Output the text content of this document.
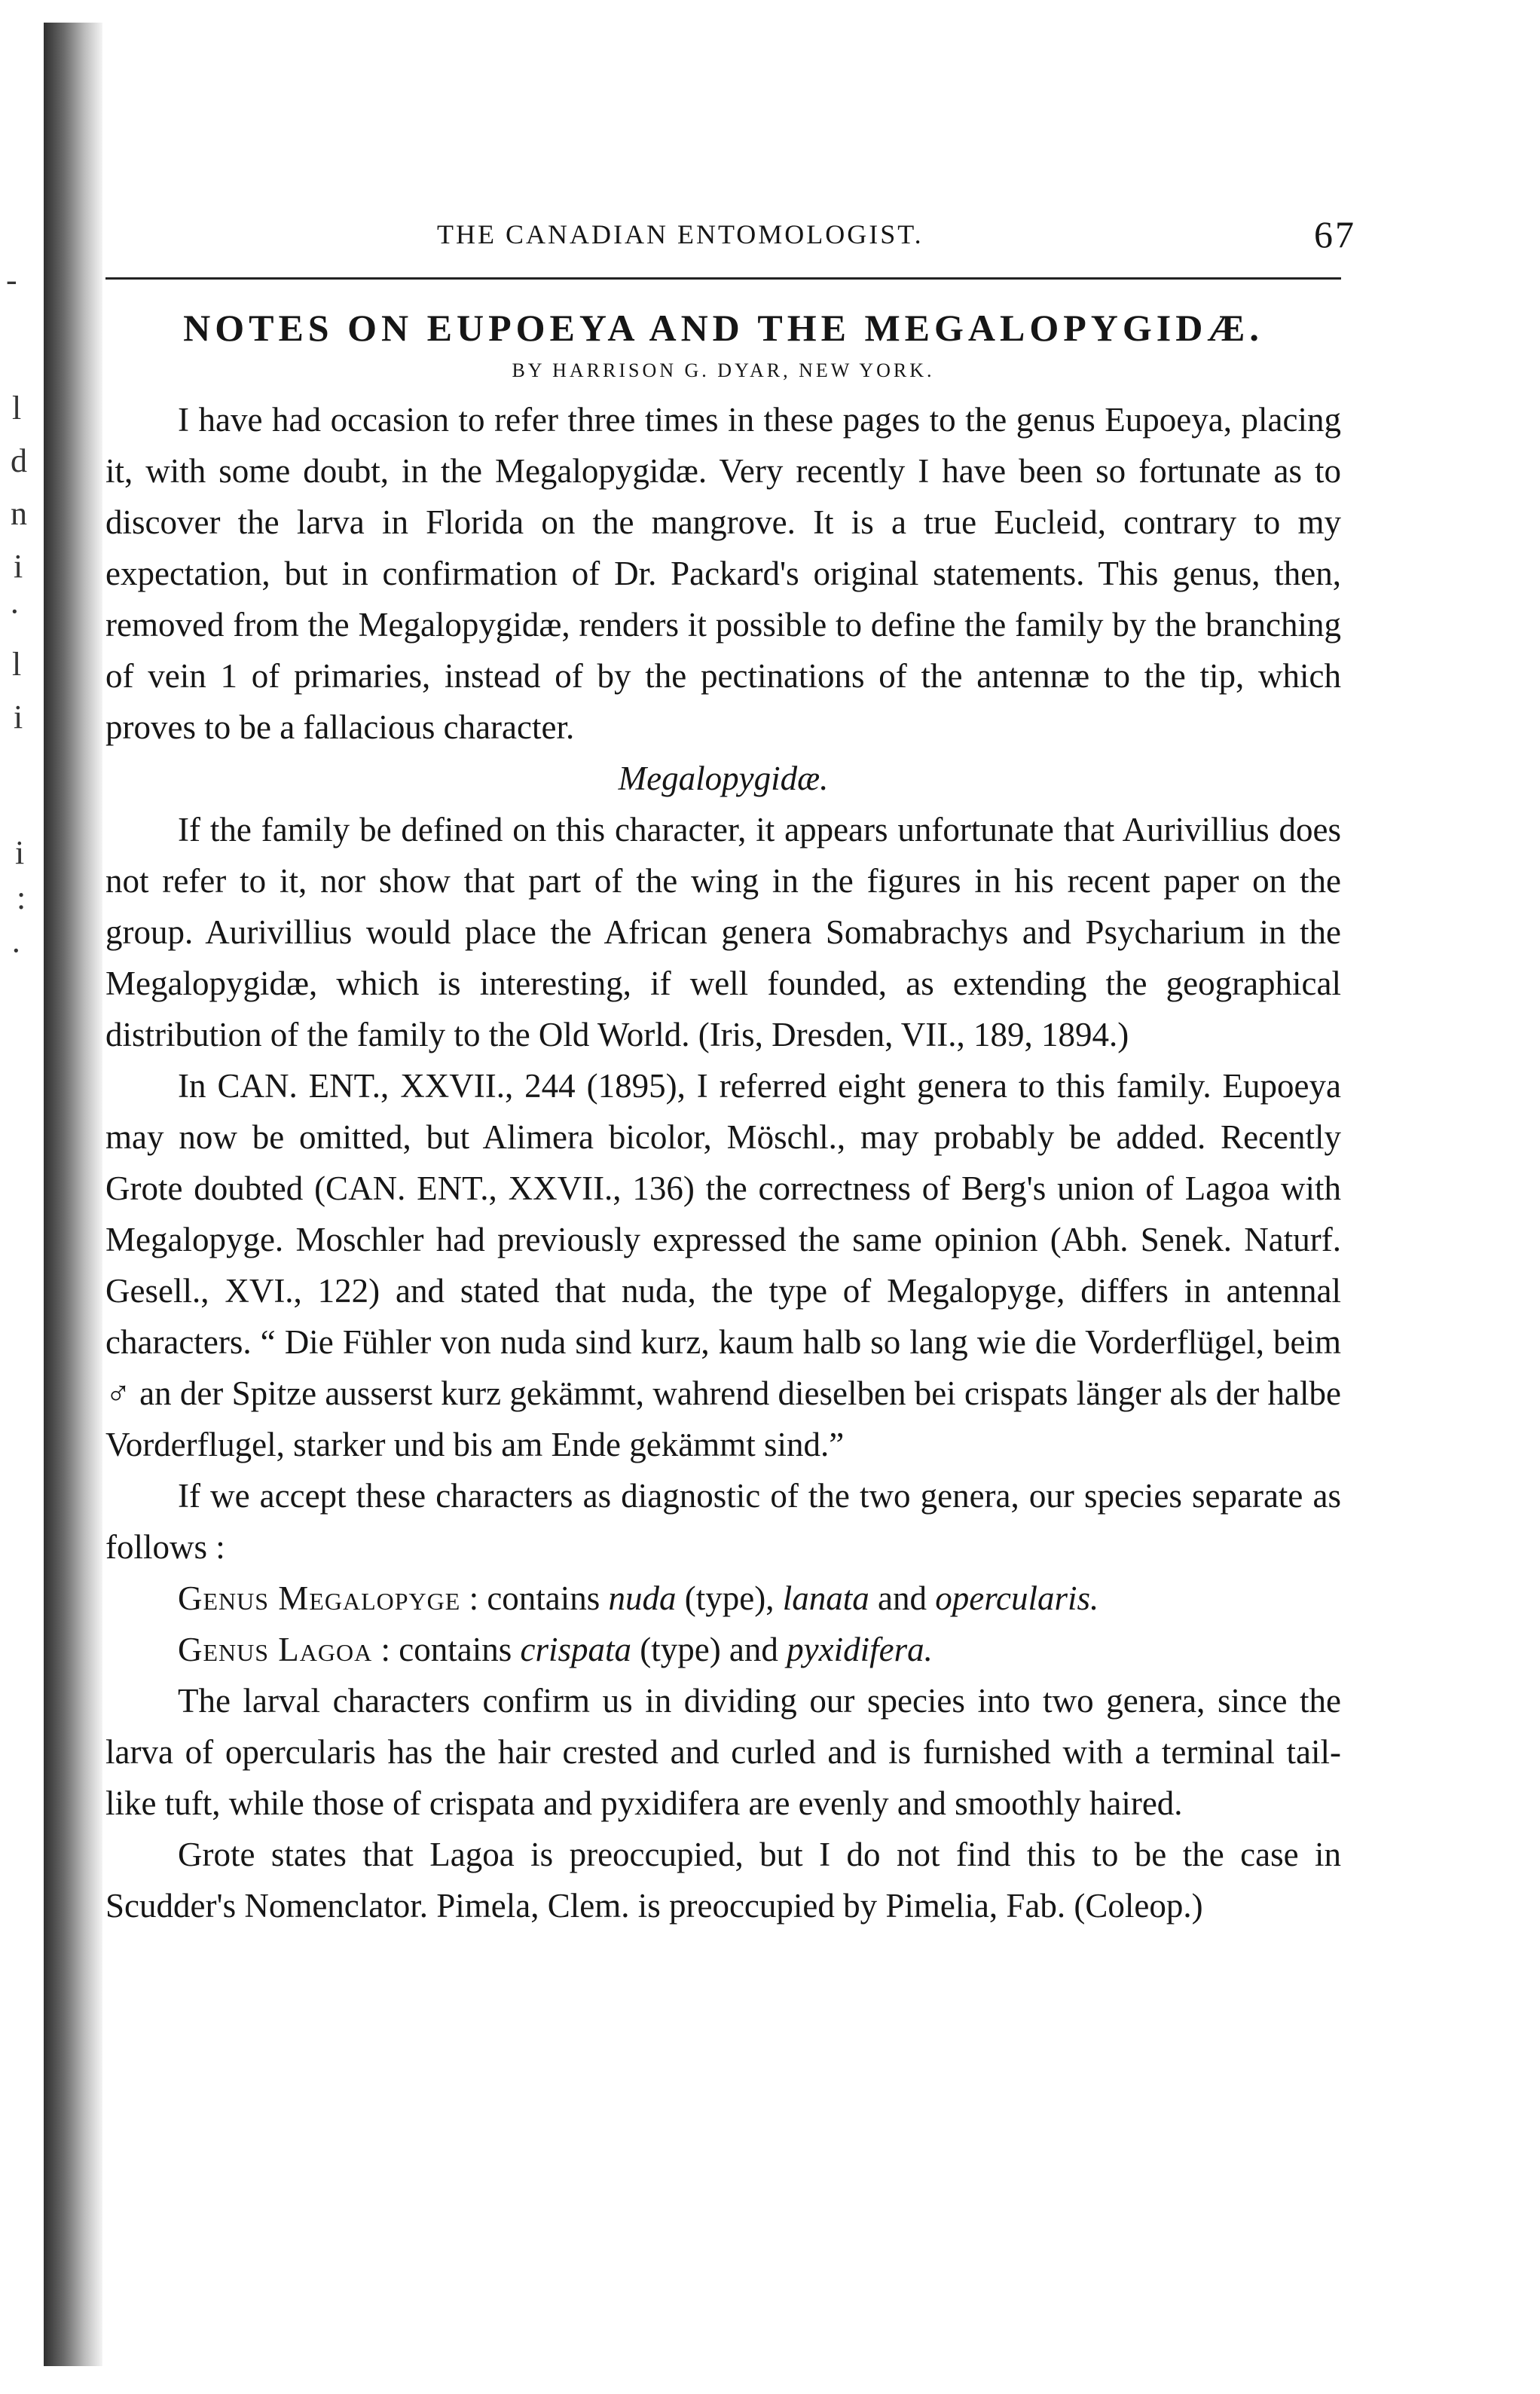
-
l
d
n
i
·
l
i
i
:
·
THE CANADIAN ENTOMOLOGIST.	67
NOTES ON EUPOEYA AND THE MEGALOPYGIDÆ.
BY HARRISON G. DYAR, NEW YORK.

I have had occasion to refer three times in these pages to the genus Eupoeya, placing it, with some doubt, in the Megalopygidæ. Very recently I have been so fortunate as to discover the larva in Florida on the mangrove. It is a true Eucleid, contrary to my expectation, but in confirmation of Dr. Packard's original statements. This genus, then, removed from the Megalopygidæ, renders it possible to define the family by the branching of vein 1 of primaries, instead of by the pectinations of the antennæ to the tip, which proves to be a fallacious character.

Megalopygidæ.

If the family be defined on this character, it appears unfortunate that Aurivillius does not refer to it, nor show that part of the wing in the figures in his recent paper on the group. Aurivillius would place the African genera Somabrachys and Psycharium in the Megalopygidæ, which is interesting, if well founded, as extending the geographical distribution of the family to the Old World. (Iris, Dresden, VII., 189, 1894.)

In CAN. ENT., XXVII., 244 (1895), I referred eight genera to this family. Eupoeya may now be omitted, but Alimera bicolor, Möschl., may probably be added. Recently Grote doubted (CAN. ENT., XXVII., 136) the correctness of Berg's union of Lagoa with Megalopyge. Moschler had previously expressed the same opinion (Abh. Senek. Naturf. Gesell., XVI., 122) and stated that nuda, the type of Megalopyge, differs in antennal characters. “ Die Fühler von nuda sind kurz, kaum halb so lang wie die Vorderflügel, beim ♂ an der Spitze ausserst kurz gekämmt, wahrend dieselben bei crispats länger als der halbe Vorderflugel, starker und bis am Ende gekämmt sind.”

If we accept these characters as diagnostic of the two genera, our species separate as follows :

Genus Megalopyge : contains nuda (type), lanata and opercularis.

Genus Lagoa : contains crispata (type) and pyxidifera.

The larval characters confirm us in dividing our species into two genera, since the larva of opercularis has the hair crested and curled and is furnished with a terminal tail-like tuft, while those of crispata and pyxidifera are evenly and smoothly haired.

Grote states that Lagoa is preoccupied, but I do not find this to be the case in Scudder's Nomenclator. Pimela, Clem. is preoccupied by Pimelia, Fab. (Coleop.)
